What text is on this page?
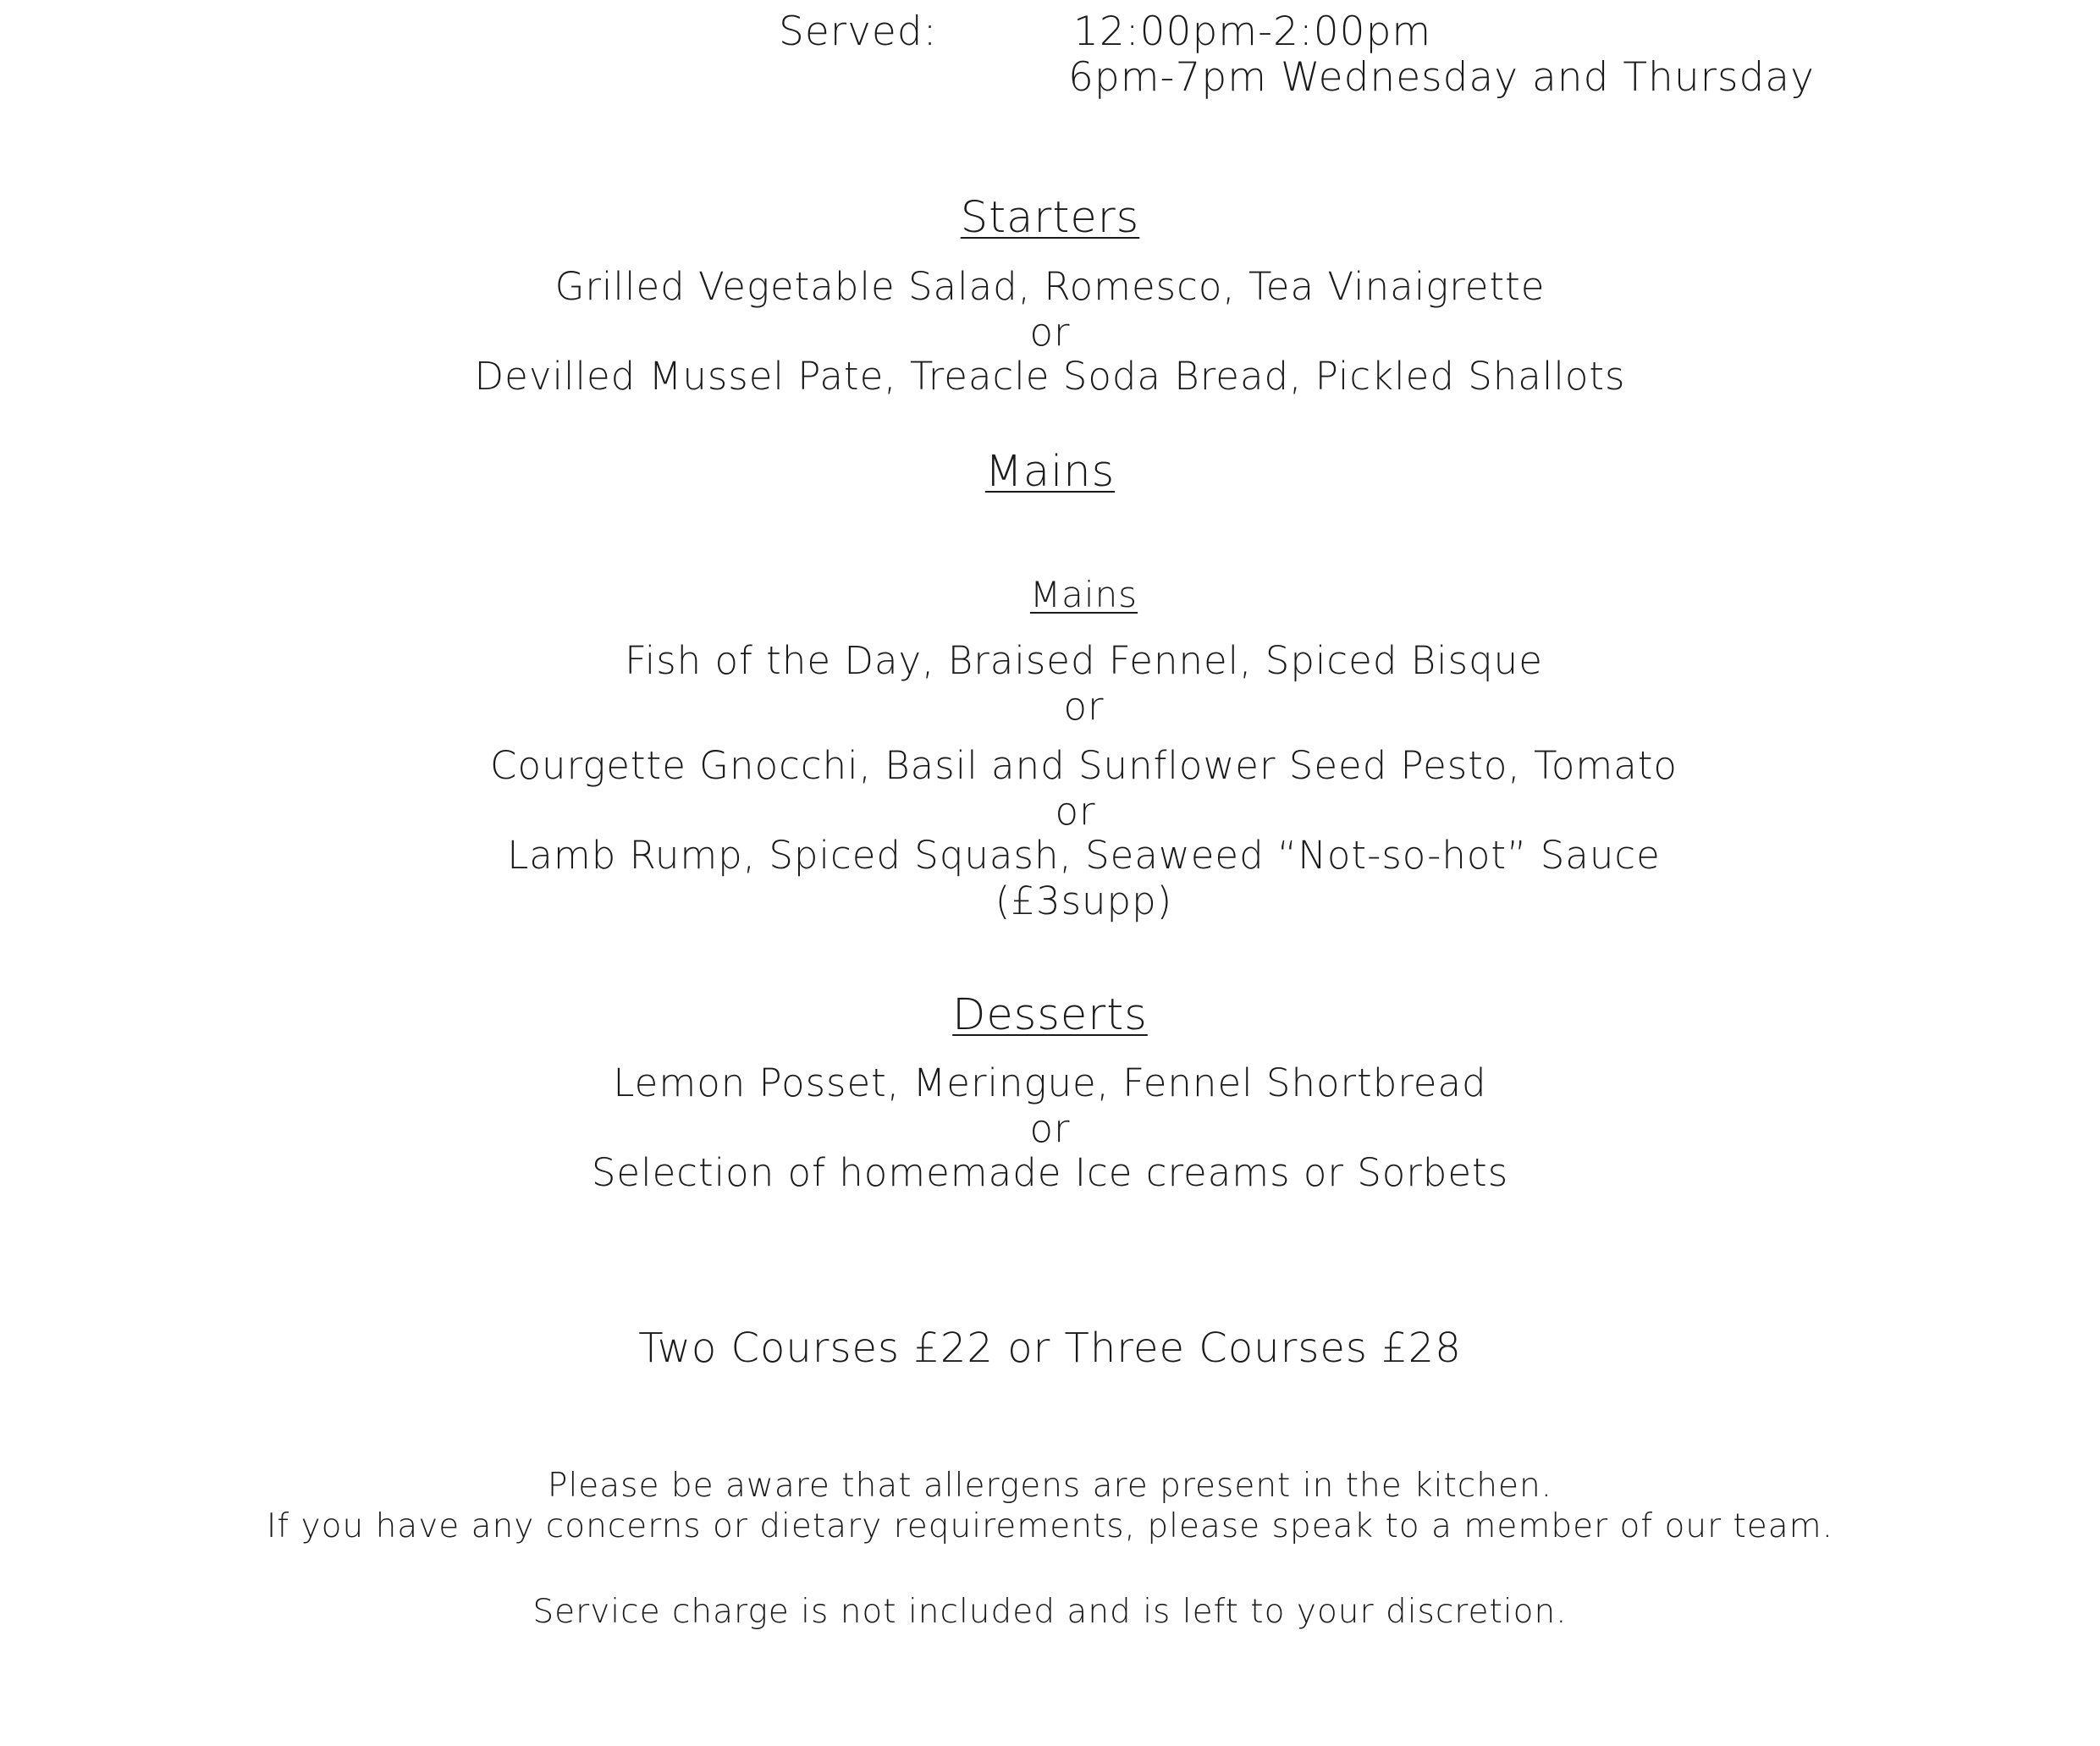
Served:	12:00pm-2:00pm
6pm-7pm Wednesday and Thursday
Starters
Grilled Vegetable Salad, Romesco, Tea Vinaigrette
or
Devilled Mussel Pate, Treacle Soda Bread, Pickled Shallots
Mains
Mains
Fish of the Day, Braised Fennel, Spiced Bisque
or
Courgette Gnocchi, Basil and Sunflower Seed Pesto, Tomato
or
Lamb Rump, Spiced Squash, Seaweed “Not-so-hot” Sauce
(£3supp)
Desserts
Lemon Posset, Meringue, Fennel Shortbread
or
Selection of homemade Ice creams or Sorbets
Two Courses £22 or Three Courses £28
Please be aware that allergens are present in the kitchen.
If you have any concerns or dietary requirements, please speak to a member of our team.
Service charge is not included and is left to your discretion.
